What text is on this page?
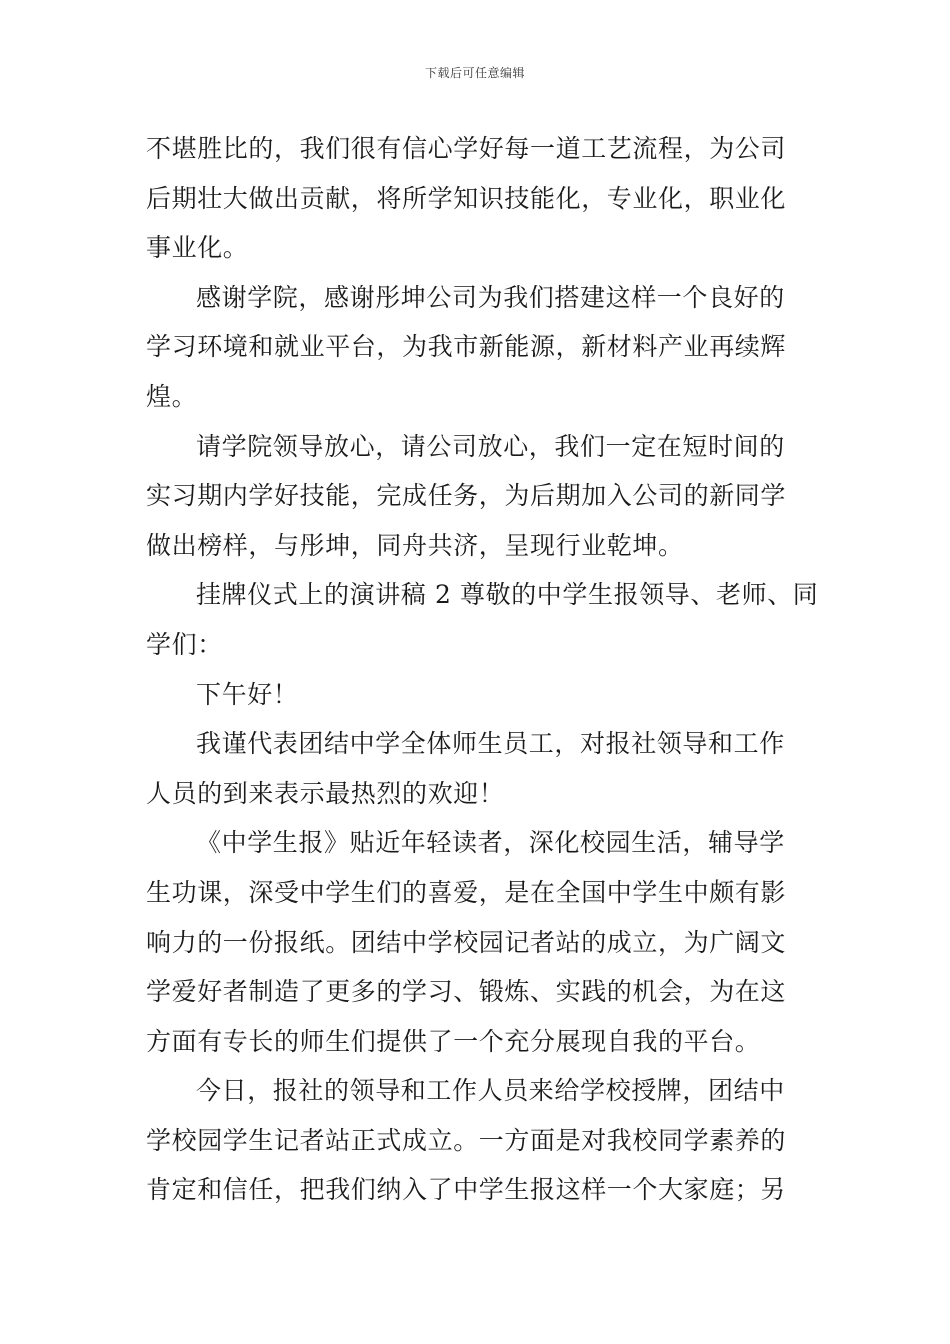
下载后可任意编辑
不堪胜比的，我们很有信心学好每一道工艺流程，为公司
后期壮大做出贡献，将所学知识技能化，专业化，职业化
事业化。
感谢学院，感谢彤坤公司为我们搭建这样一个良好的
学习环境和就业平台，为我市新能源，新材料产业再续辉
煌。
请学院领导放心，请公司放心，我们一定在短时间的
实习期内学好技能，完成任务，为后期加入公司的新同学
做出榜样，与彤坤，同舟共济，呈现行业乾坤。
挂牌仪式上的演讲稿 2 尊敬的中学生报领导、老师、同
学们：
下午好！
我谨代表团结中学全体师生员工，对报社领导和工作
人员的到来表示最热烈的欢迎！
《中学生报》贴近年轻读者，深化校园生活，辅导学
生功课，深受中学生们的喜爱，是在全国中学生中颇有影
响力的一份报纸。团结中学校园记者站的成立，为广阔文
学爱好者制造了更多的学习、锻炼、实践的机会，为在这
方面有专长的师生们提供了一个充分展现自我的平台。
今日，报社的领导和工作人员来给学校授牌，团结中
学校园学生记者站正式成立。一方面是对我校同学素养的
肯定和信任，把我们纳入了中学生报这样一个大家庭；另
